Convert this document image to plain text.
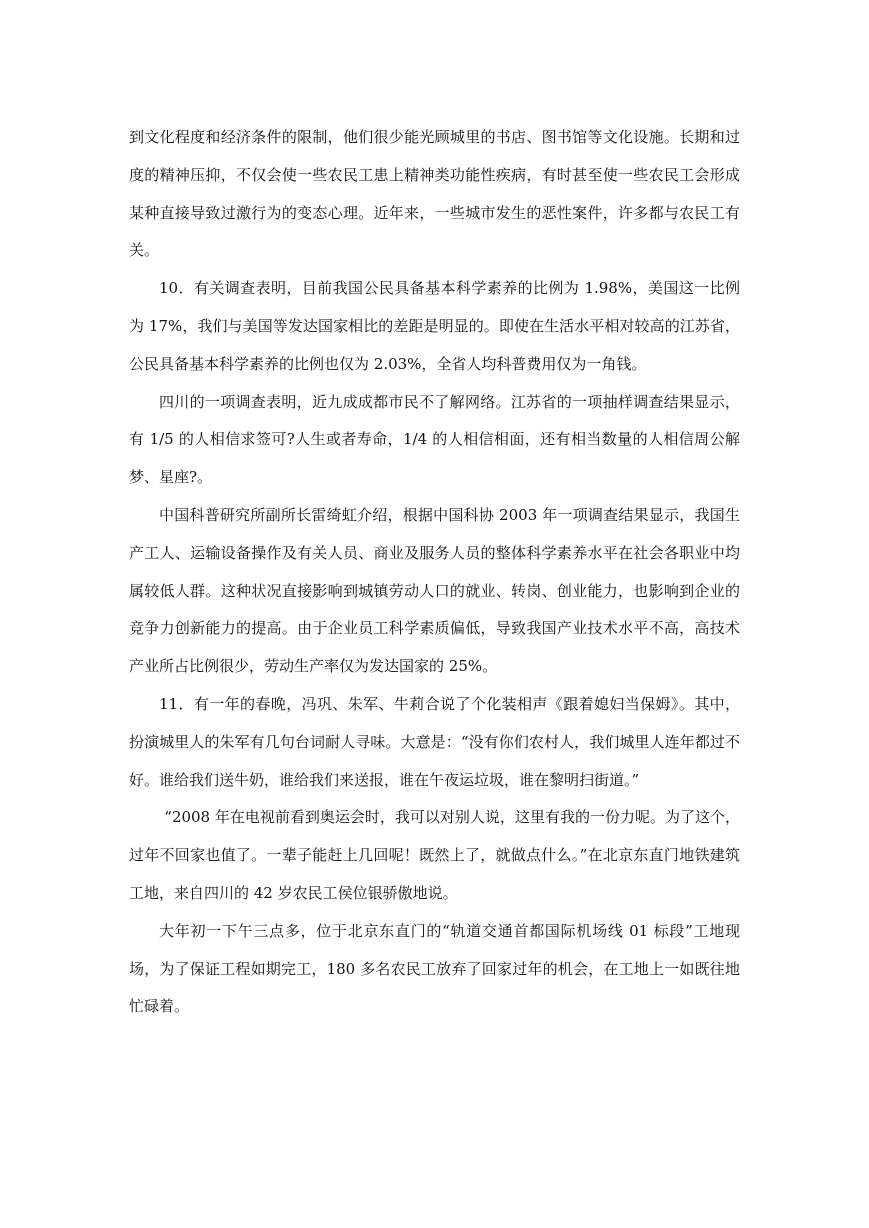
到文化程度和经济条件的限制，他们很少能光顾城里的书店、图书馆等文化设施。长期和过度的精神压抑，不仅会使一些农民工患上精神类功能性疾病，有时甚至使一些农民工会形成某种直接导致过激行为的变态心理。近年来，一些城市发生的恶性案件，许多都与农民工有关。

10．有关调查表明，目前我国公民具备基本科学素养的比例为 1.98%，美国这一比例为 17%，我们与美国等发达国家相比的差距是明显的。即使在生活水平相对较高的江苏省，公民具备基本科学素养的比例也仅为 2.03%，全省人均科普费用仅为一角钱。

四川的一项调查表明，近九成成都市民不了解网络。江苏省的一项抽样调查结果显示，有 1/5 的人相信求签可?人生或者寿命，1/4 的人相信相面，还有相当数量的人相信周公解梦、星座?。

中国科普研究所副所长雷绮虹介绍，根据中国科协 2003 年一项调查结果显示，我国生产工人、运输设备操作及有关人员、商业及服务人员的整体科学素养水平在社会各职业中均属较低人群。这种状况直接影响到城镇劳动人口的就业、转岗、创业能力，也影响到企业的竞争力创新能力的提高。由于企业员工科学素质偏低，导致我国产业技术水平不高，高技术产业所占比例很少，劳动生产率仅为发达国家的 25%。

11．有一年的春晚，冯巩、朱军、牛莉合说了个化装相声《跟着媳妇当保姆》。其中，扮演城里人的朱军有几句台词耐人寻味。大意是：“没有你们农村人，我们城里人连年都过不好。谁给我们送牛奶，谁给我们来送报，谁在午夜运垃圾，谁在黎明扫街道。”

“2008 年在电视前看到奥运会时，我可以对别人说，这里有我的一份力呢。为了这个，过年不回家也值了。一辈子能赶上几回呢！既然上了，就做点什么。”在北京东直门地铁建筑工地，来自四川的 42 岁农民工侯位银骄傲地说。

大年初一下午三点多，位于北京东直门的“轨道交通首都国际机场线 01 标段”工地现场，为了保证工程如期完工，180 多名农民工放弃了回家过年的机会，在工地上一如既往地忙碌着。
